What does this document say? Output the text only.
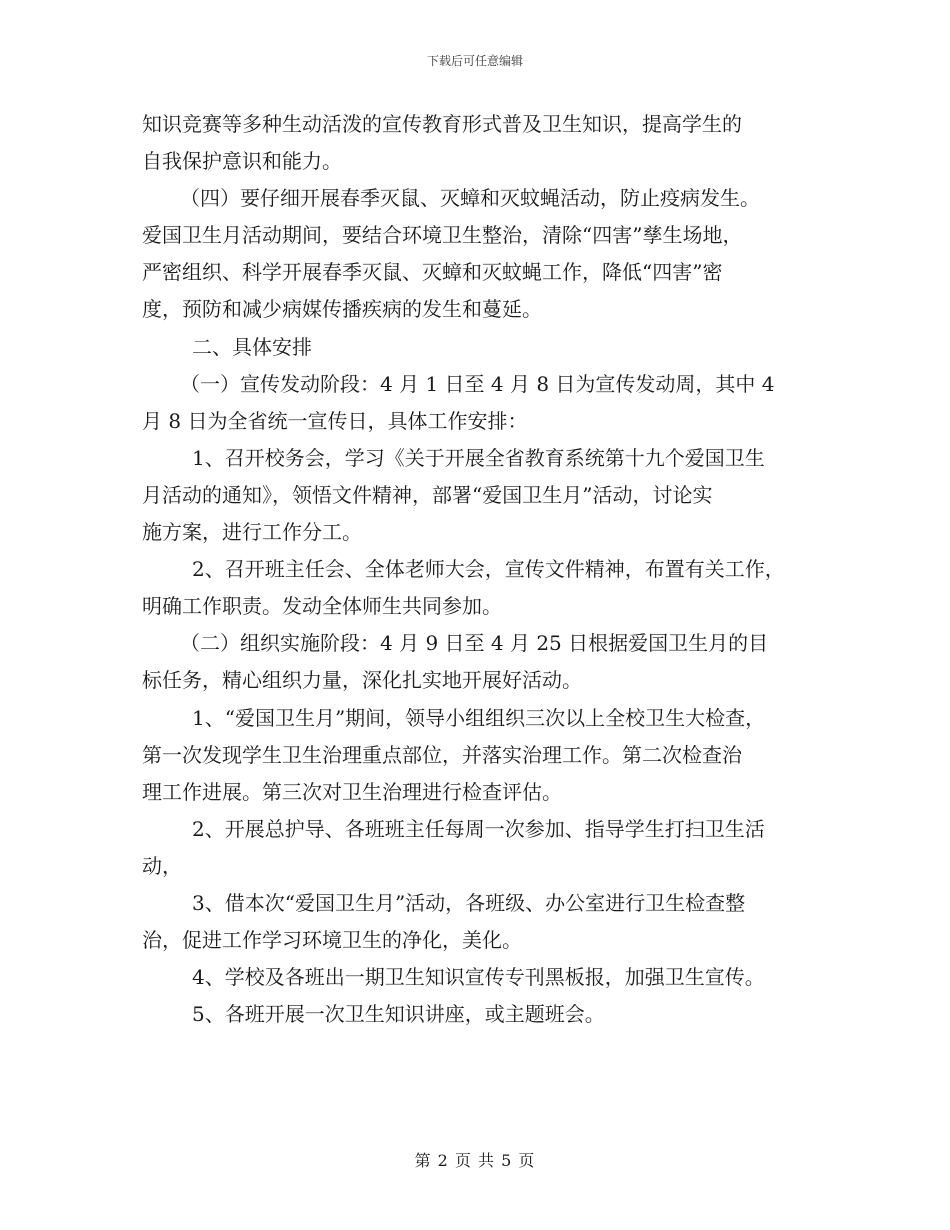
下载后可任意编辑
知识竞赛等多种生动活泼的宣传教育形式普及卫生知识，提高学生的
自我保护意识和能力。
（四）要仔细开展春季灭鼠、灭蟑和灭蚊蝇活动，防止疫病发生。
爱国卫生月活动期间，要结合环境卫生整治，清除“四害”孳生场地，
严密组织、科学开展春季灭鼠、灭蟑和灭蚊蝇工作，降低“四害”密
度，预防和减少病媒传播疾病的发生和蔓延。
二、具体安排
（一）宣传发动阶段：4 月 1 日至 4 月 8 日为宣传发动周，其中 4
月 8 日为全省统一宣传日，具体工作安排：
1、召开校务会，学习《关于开展全省教育系统第十九个爱国卫生
月活动的通知》，领悟文件精神，部署“爱国卫生月”活动，讨论实
施方案，进行工作分工。
2、召开班主任会、全体老师大会，宣传文件精神，布置有关工作，
明确工作职责。发动全体师生共同参加。
（二）组织实施阶段：4 月 9 日至 4 月 25 日根据爱国卫生月的目
标任务，精心组织力量，深化扎实地开展好活动。
1、“爱国卫生月”期间，领导小组组织三次以上全校卫生大检查，
第一次发现学生卫生治理重点部位，并落实治理工作。第二次检查治
理工作进展。第三次对卫生治理进行检查评估。
2、开展总护导、各班班主任每周一次参加、指导学生打扫卫生活
动，
3、借本次“爱国卫生月”活动，各班级、办公室进行卫生检查整
治，促进工作学习环境卫生的净化，美化。
4、学校及各班出一期卫生知识宣传专刊黑板报，加强卫生宣传。
5、各班开展一次卫生知识讲座，或主题班会。
第 2 页 共 5 页
